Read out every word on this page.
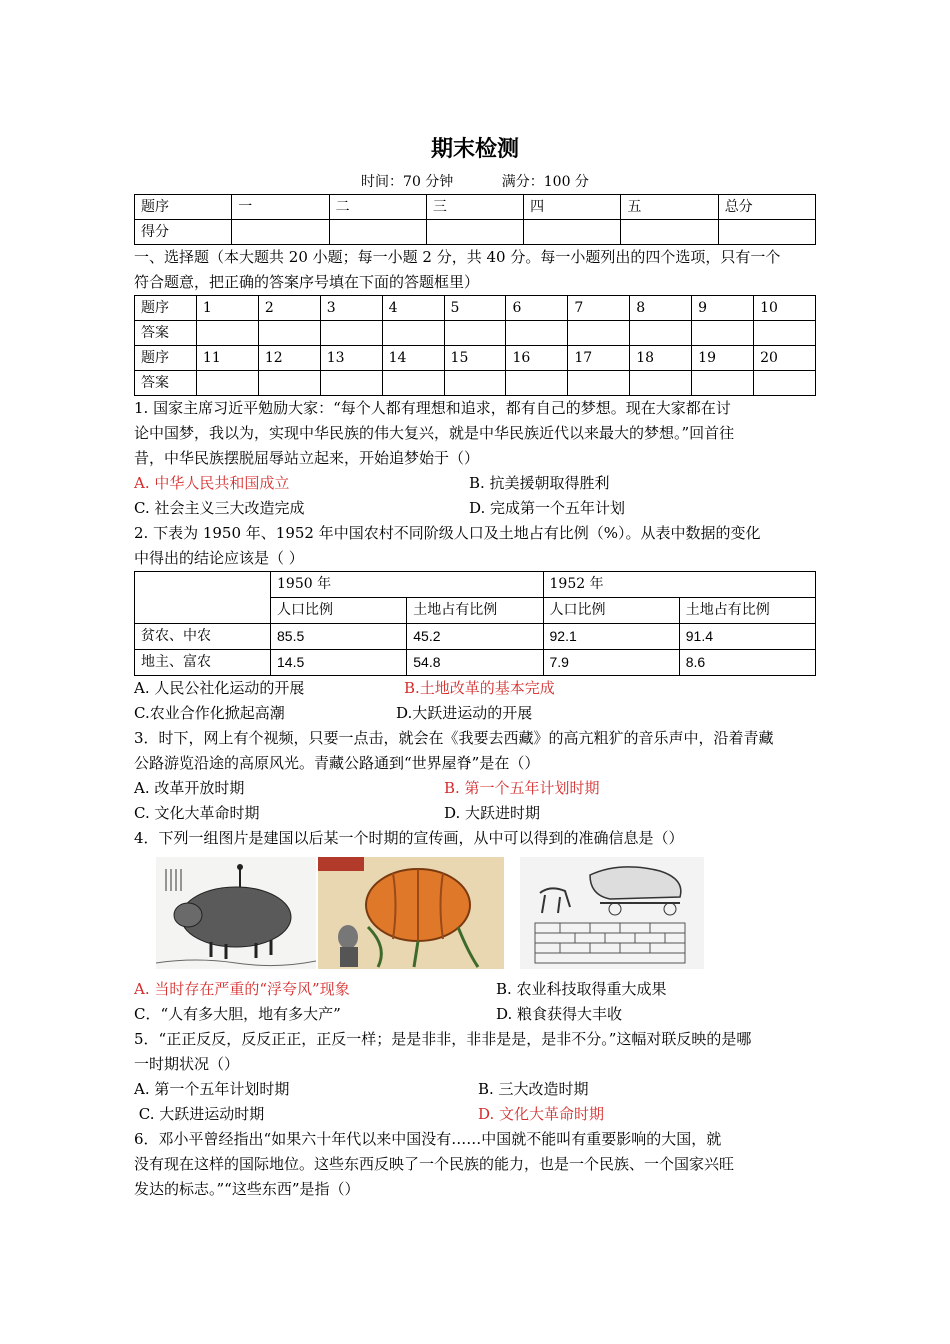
期末检测
时间：70 分钟	满分：100 分
题序	一	二	三	四	五	总分
得分						

一、选择题（本大题共 20 小题；每一小题 2 分，共 40 分。每一小题列出的四个选项，只有一个

符合题意，把正确的答案序号填在下面的答题框里）

题序	1	2	3	4	5	6	7	8	9	10
答案										
题序	11	12	13	14	15	16	17	18	19	20
答案										

1. 国家主席习近平勉励大家：“每个人都有理想和追求，都有自己的梦想。现在大家都在讨

论中国梦，我以为，实现中华民族的伟大复兴，就是中华民族近代以来最大的梦想。”回首往

昔，中华民族摆脱屈辱站立起来，开始追梦始于（）

A. 中华人民共和国成立	B. 抗美援朝取得胜利
C. 社会主义三大改造完成	D. 完成第一个五年计划

2. 下表为 1950 年、1952 年中国农村不同阶级人口及土地占有比例（%）。从表中数据的变化

中得出的结论应该是（ ）

	1950 年		1952 年	
	人口比例	土地占有比例	人口比例	土地占有比例
贫农、中农	85.5	45.2	92.1	91.4
地主、富农	14.5	54.8	7.9	8.6
A. 人民公社化运动的开展	B.土地改革的基本完成
C.农业合作化掀起高潮	D.大跃进运动的开展

3．时下，网上有个视频，只要一点击，就会在《我要去西藏》的高亢粗犷的音乐声中，沿着青藏

公路游览沿途的高原风光。青藏公路通到“世界屋脊”是在（）

A. 改革开放时期	B. 第一个五年计划时期
C. 文化大革命时期	D. 大跃进时期

4．下列一组图片是建国以后某一个时期的宣传画，从中可以得到的准确信息是（）

A. 当时存在严重的“浮夸风”现象	B. 农业科技取得重大成果
C．“人有多大胆，地有多大产”	D. 粮食获得大丰收

5．“正正反反，反反正正，正反一样；是是非非，非非是是，是非不分。”这幅对联反映的是哪

一时期状况（）

A. 第一个五年计划时期	B. 三大改造时期
C. 大跃进运动时期	D. 文化大革命时期

6．邓小平曾经指出“如果六十年代以来中国没有……中国就不能叫有重要影响的大国，就

没有现在这样的国际地位。这些东西反映了一个民族的能力，也是一个民族、一个国家兴旺

发达的标志。”“这些东西”是指（）
